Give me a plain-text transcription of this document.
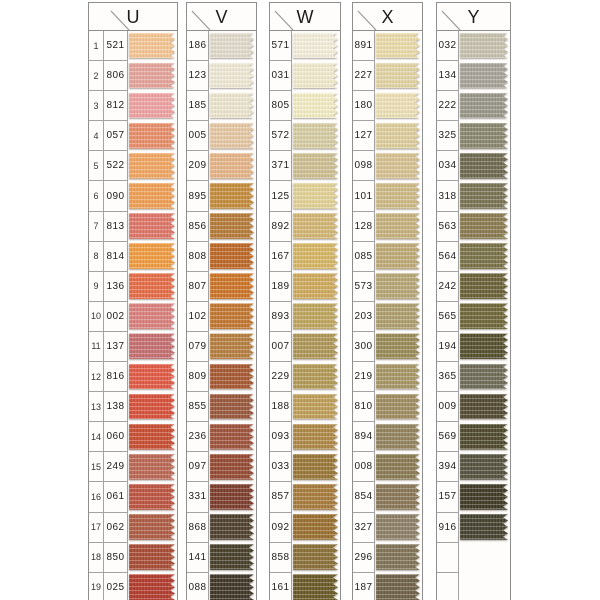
U
1 521
2 806
3 812
4 057
5 522
6 090
7 813
8 814
9 136
10 002
11 137
12 816
13 138
14 060
15 249
16 061
17 062
18 850
19 025
V
186
123
185
005
209
895
856
808
807
102
079
809
855
236
097
331
868
141
088
W
571
031
805
572
371
125
892
167
189
893
007
229
188
093
033
857
092
858
161
X
891
227
180
127
098
101
128
085
573
203
300
219
810
894
008
854
327
296
187
Y
032
134
222
325
034
318
563
564
242
565
194
365
009
569
394
157
916
